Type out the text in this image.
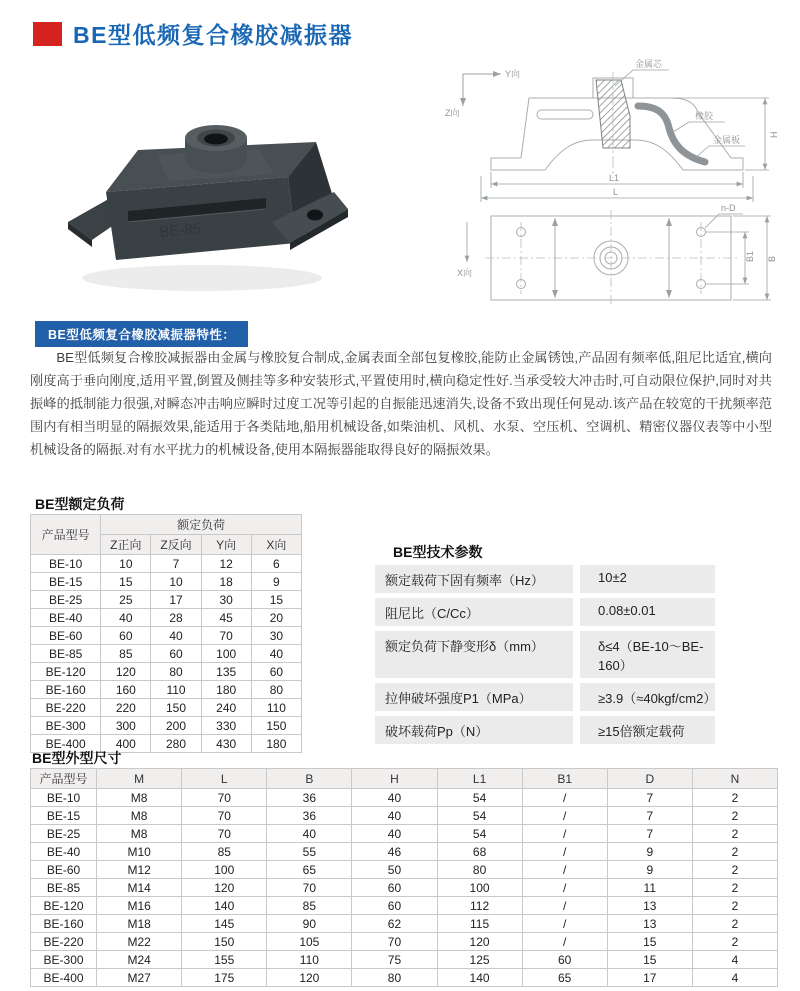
BE型低频复合橡胶减振器
BE-85
Y向
Z向
金属芯
橡胶
金属板
H
L1
L
B1 B
X向
n-D
BE型低频复合橡胶减振器特性：
BE型低频复合橡胶减振器由金属与橡胶复合制成,金属表面全部包复橡胶,能防止金属锈蚀,产品固有频率低,阻尼比适宜,横向刚度高于垂向刚度,适用平置,倒置及侧挂等多种安装形式,平置使用时,横向稳定性好.当承受较大冲击时,可自动限位保护,同时对共振峰的抵制能力很强,对瞬态冲击响应瞬时过度工况等引起的自振能迅速消失,设备不致出现任何晃动.该产品在较宽的干扰频率范围内有相当明显的隔振效果,能适用于各类陆地,船用机械设备,如柴油机、风机、水泵、空压机、空调机、精密仪器仪表等中小型机械设备的隔振.对有水平扰力的机械设备,使用本隔振器能取得良好的隔振效果。
BE型额定负荷
产品型号	额定负荷			
	Z正向	Z反向	Y向	X向
BE-10	10	7	12	6
BE-15	15	10	18	9
BE-25	25	17	30	15
BE-40	40	28	45	20
BE-60	60	40	70	30
BE-85	85	60	100	40
BE-120	120	80	135	60
BE-160	160	110	180	80
BE-220	220	150	240	110
BE-300	300	200	330	150
BE-400	400	280	430	180
BE型技术参数
额定载荷下固有频率（Hz）	10±2
阻尼比（C/Cc）	0.08±0.01
额定负荷下静变形δ（mm）	δ≤4（BE-10～BE-160）
拉伸破坏强度P1（MPa）	≥3.9（≈40kgf/cm2）
破坏载荷Pp（N）	≥15倍额定载荷
BE型外型尺寸
产品型号	M	L	B	H	L1	B1	D	N
BE-10	M8	70	36	40	54	/	7	2
BE-15	M8	70	36	40	54	/	7	2
BE-25	M8	70	40	40	54	/	7	2
BE-40	M10	85	55	46	68	/	9	2
BE-60	M12	100	65	50	80	/	9	2
BE-85	M14	120	70	60	100	/	11	2
BE-120	M16	140	85	60	112	/	13	2
BE-160	M18	145	90	62	115	/	13	2
BE-220	M22	150	105	70	120	/	15	2
BE-300	M24	155	110	75	125	60	15	4
BE-400	M27	175	120	80	140	65	17	4
